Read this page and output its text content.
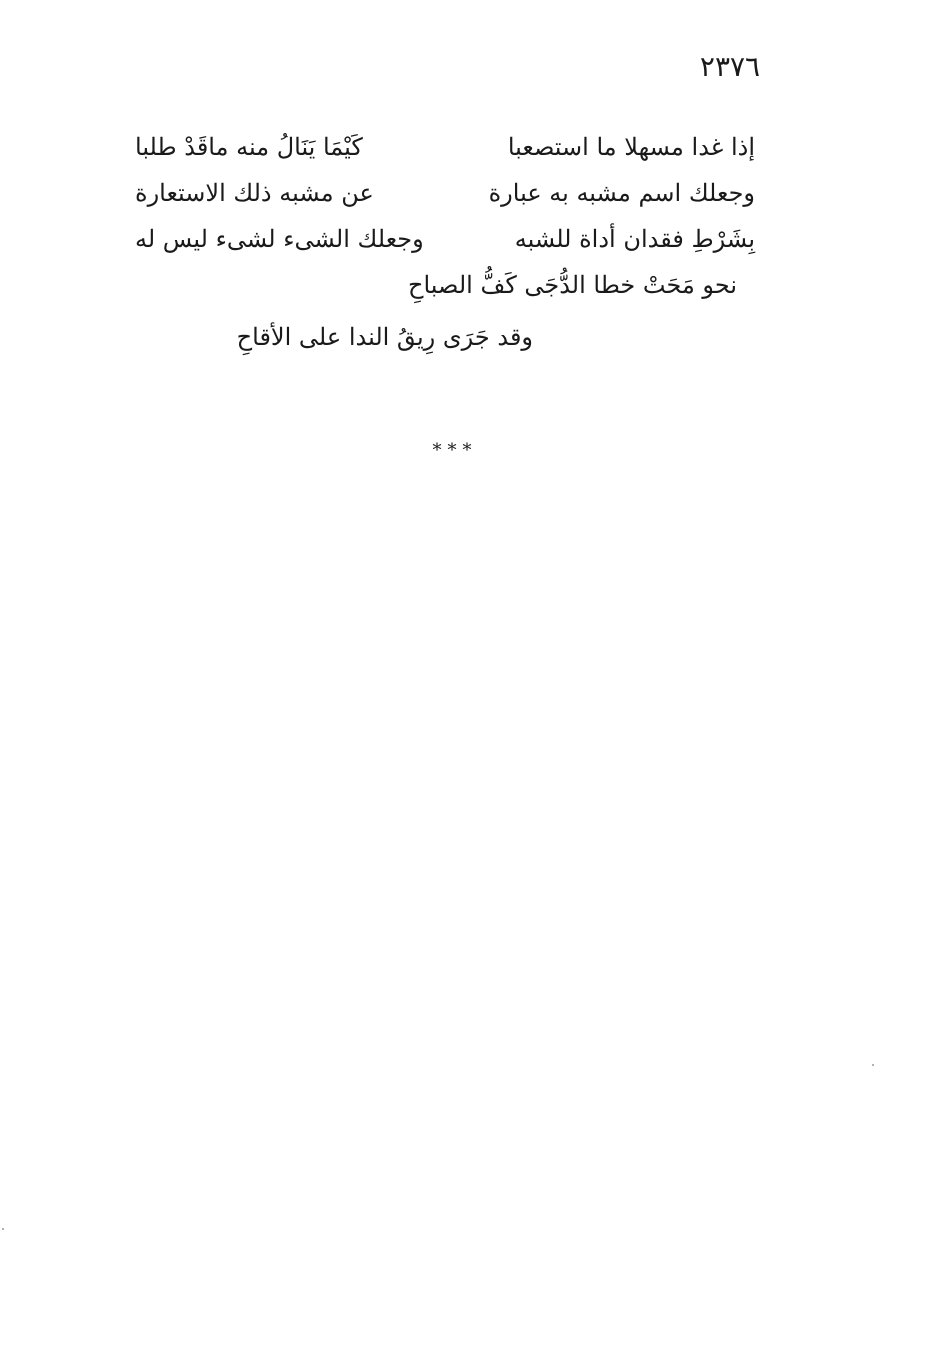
٢٣٧٦
إذا غدا مسهلا ما استصعبا
كَيْمَا يَنَالُ منه ماقَدْ طلبا
وجعلك اسم مشبه به عبارة
عن مشبه ذلك الاستعارة
بِشَرْطِ فقدان أداة للشبه
وجعلك الشىء لشىء ليس له
نحو مَحَتْ خطا الدُّجَى كَفُّ الصباحِ
وقد جَرَى رِيقُ الندا على الأقاحِ
***
